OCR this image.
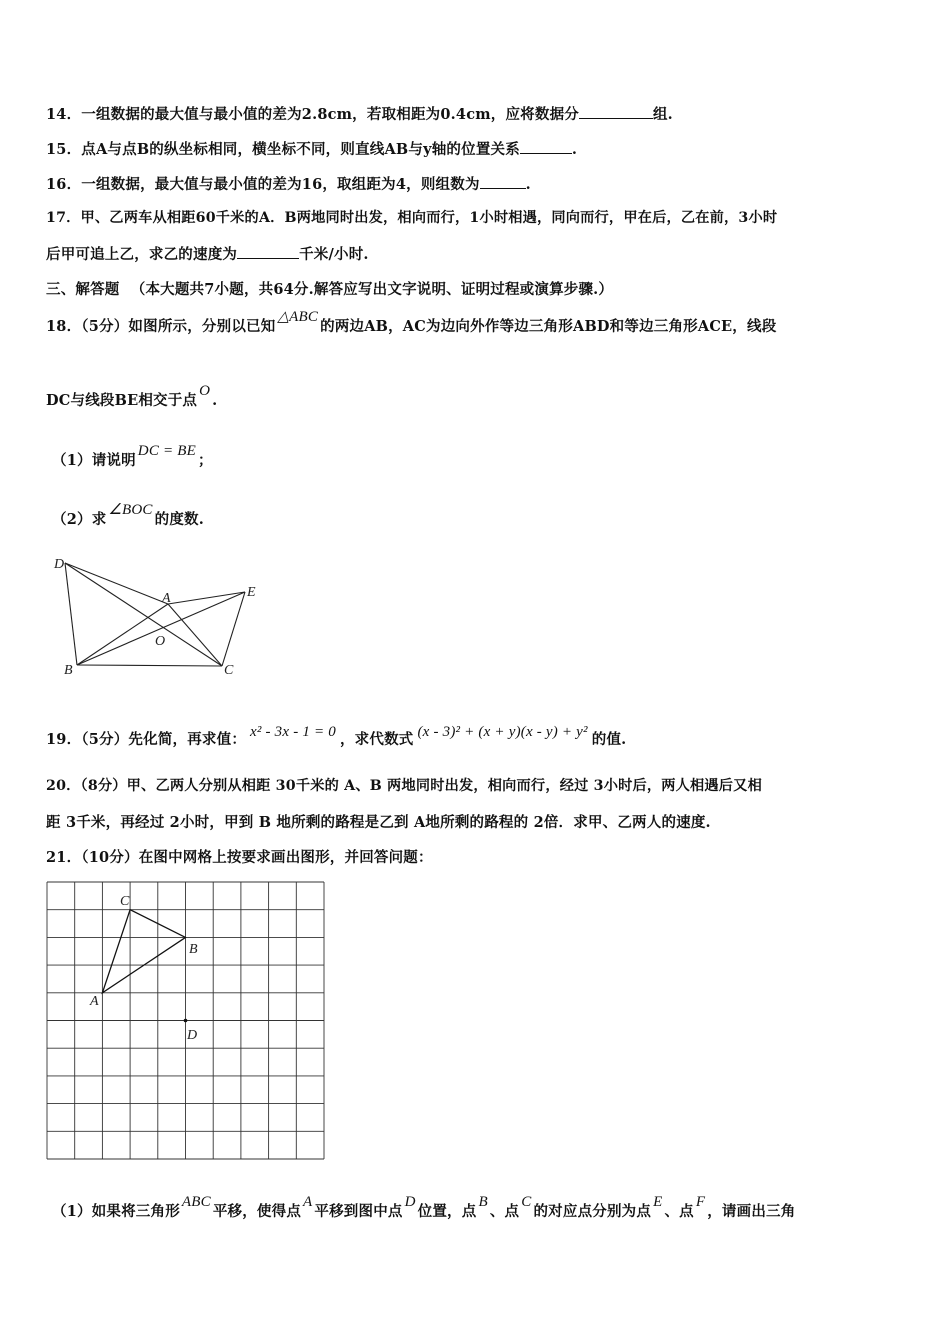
14．一组数据的最大值与最小值的差为2.8cm，若取相距为0.4cm，应将数据分	组.
15．点A与点B的纵坐标相同，横坐标不同，则直线AB与y轴的位置关系	.
16．一组数据，最大值与最小值的差为16，取组距为4，则组数为	.
17．甲、乙两车从相距60千米的A．B两地同时出发，相向而行，1小时相遇，同向而行，甲在后，乙在前，3小时
后甲可追上乙，求乙的速度为	千米/小时.
三、解答题 （本大题共7小题，共64分.解答应写出文字说明、证明过程或演算步骤.）
18．（5分）如图所示，分别以已知△ABC的两边AB，AC为边向外作等边三角形ABD和等边三角形ACE，线段
DC与线段BE相交于点O.
（1）请说明DC = BE；
（2）求∠BOC的度数.
D
A	E
O
B	C
19．（5分）先化简，再求值： x² - 3x - 1 = 0 ，求代数式 (x - 3)² + (x + y)(x - y) + y² 的值.
20．（8分）甲、乙两人分别从相距 30千米的 A、B 两地同时出发，相向而行，经过 3小时后，两人相遇后又相
距 3千米，再经过 2小时，甲到 B 地所剩的路程是乙到 A地所剩的路程的 2倍．求甲、乙两人的速度.
21．（10分）在图中网格上按要求画出图形，并回答问题：
C
B
A
D
（1）如果将三角形ABC平移，使得点A平移到图中点D位置，点B、点C的对应点分别为点E、点F，请画出三角
